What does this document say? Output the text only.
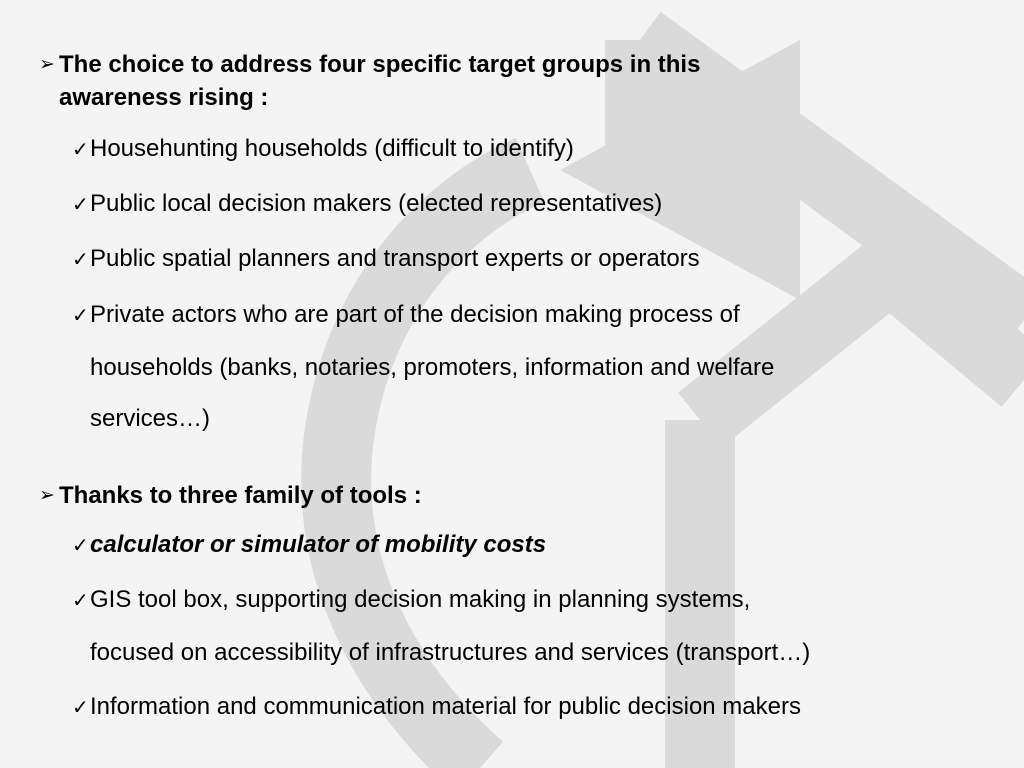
➢ The choice to address four specific target groups in this
awareness rising :
✓Househunting households (difficult to identify)
✓Public local decision makers (elected representatives)
✓Public spatial planners and transport experts or operators
✓Private actors who are part of the decision making process of
households (banks, notaries, promoters, information and welfare
services…)
➢ Thanks to three family of tools :
✓calculator or simulator of mobility costs
✓GIS tool box, supporting decision making in planning systems,
focused on accessibility of infrastructures and services (transport…)
✓Information and communication material for public decision makers
